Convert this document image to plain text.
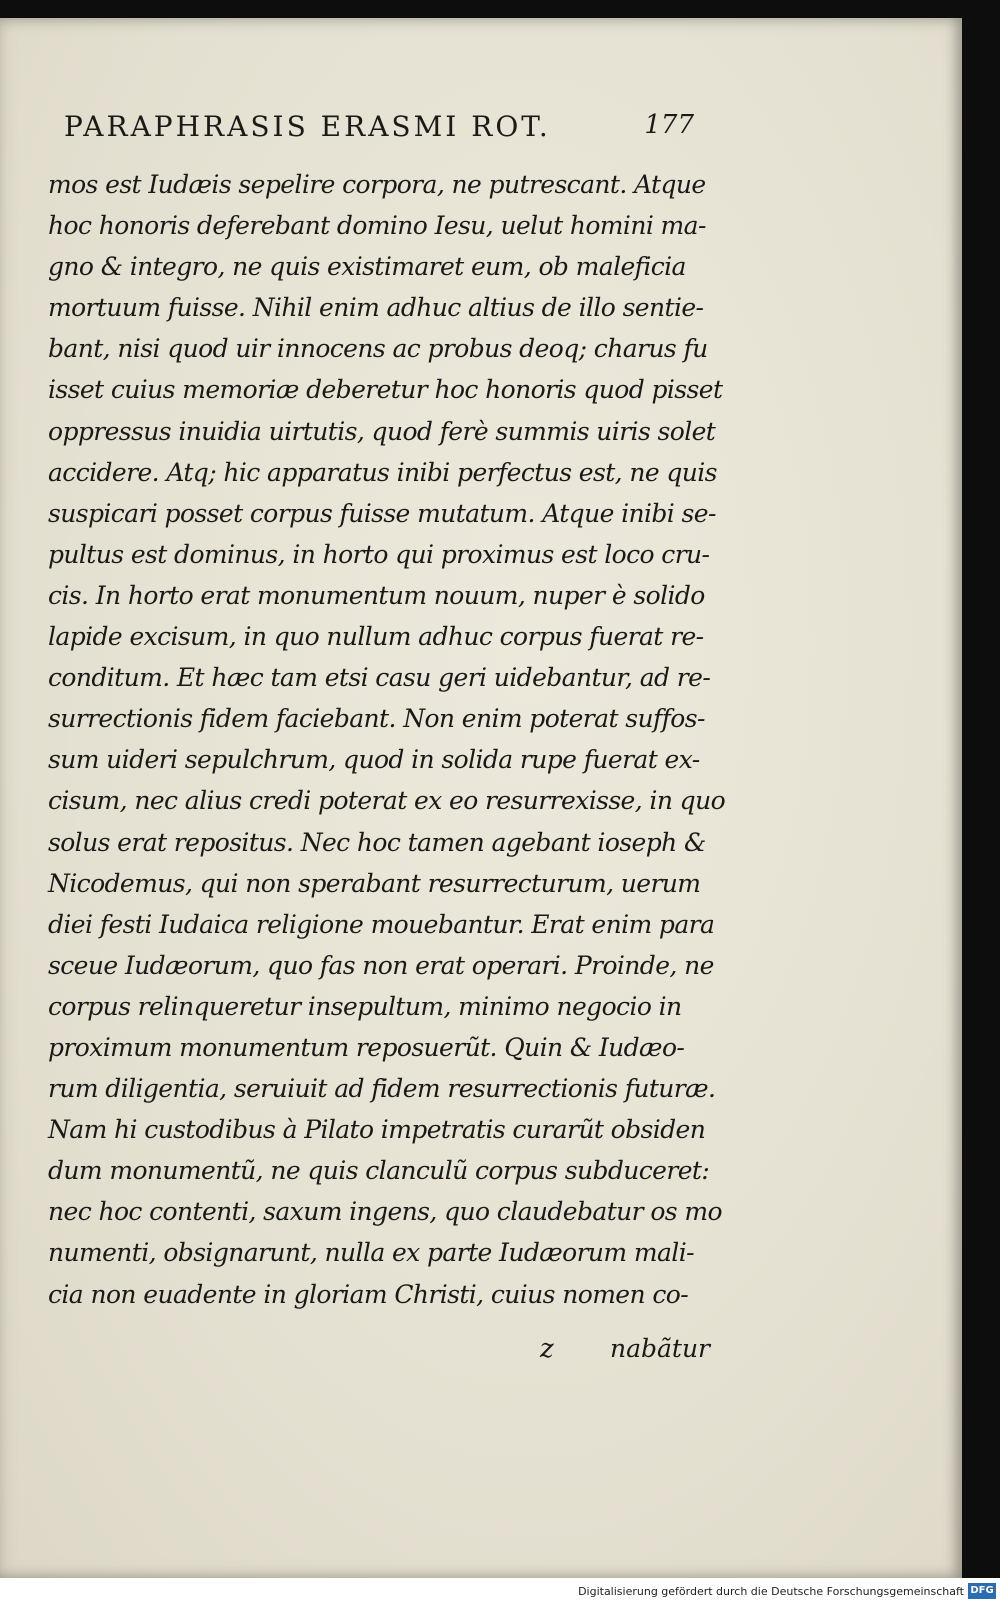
PARAPHRASIS ERASMI ROT.	177
mos est Iudæis sepelire corpora, ne putrescant. Atque
hoc honoris deferebant domino Iesu, uelut homini ma-
gno & integro, ne quis existimaret eum, ob maleficia
mortuum fuisse. Nihil enim adhuc altius de illo sentie-
bant, nisi quod uir innocens ac probus deoq; charus fu
isset cuius memoriæ deberetur hoc honoris quod pisset
oppressus inuidia uirtutis, quod ferè summis uiris solet
accidere. Atq; hic apparatus inibi perfectus est, ne quis
suspicari posset corpus fuisse mutatum. Atque inibi se-
pultus est dominus, in horto qui proximus est loco cru-
cis. In horto erat monumentum nouum, nuper è solido
lapide excisum, in quo nullum adhuc corpus fuerat re-
conditum. Et hæc tam etsi casu geri uidebantur, ad re-
surrectionis fidem faciebant. Non enim poterat suffos-
sum uideri sepulchrum, quod in solida rupe fuerat ex-
cisum, nec alius credi poterat ex eo resurrexisse, in quo
solus erat repositus. Nec hoc tamen agebant ioseph &
Nicodemus, qui non sperabant resurrecturum, uerum
diei festi Iudaica religione mouebantur. Erat enim para
sceue Iudæorum, quo fas non erat operari. Proinde, ne
corpus relinqueretur insepultum, minimo negocio in
proximum monumentum reposuerũt. Quin & Iudæo-
rum diligentia, seruiuit ad fidem resurrectionis futuræ.
Nam hi custodibus à Pilato impetratis curarũt obsiden
dum monumentũ, ne quis clanculũ corpus subduceret:
nec hoc contenti, saxum ingens, quo claudebatur os mo
numenti, obsignarunt, nulla ex parte Iudæorum mali-
cia non euadente in gloriam Christi, cuius nomen co-
z nabãtur
Digitalisierung gefördert durch die Deutsche Forschungsgemeinschaft DFG
